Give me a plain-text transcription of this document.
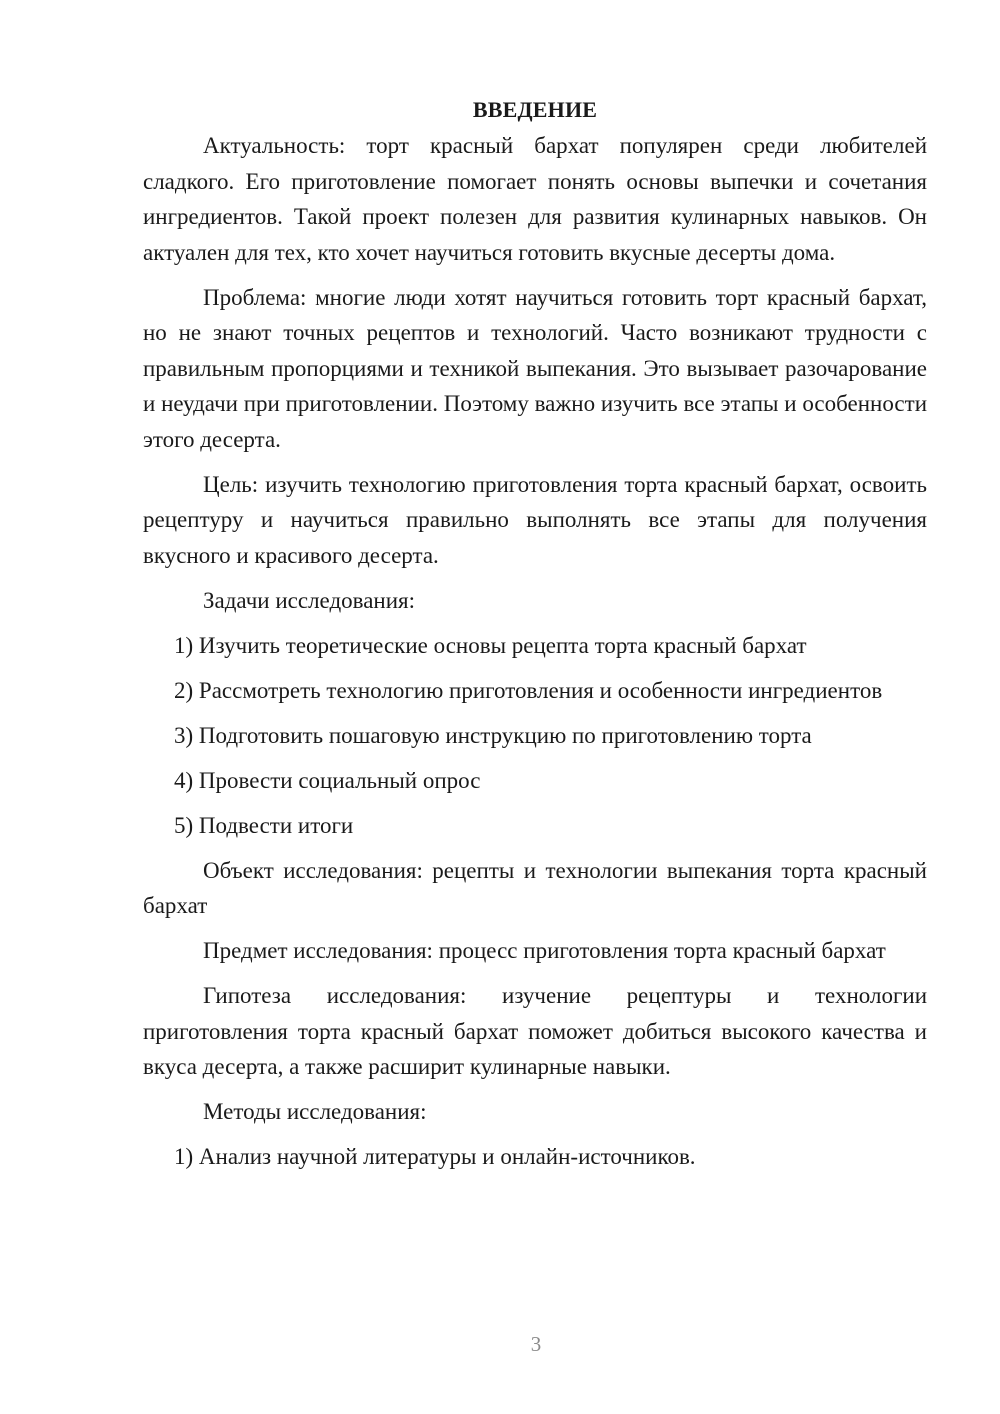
ВВЕДЕНИЕ

Актуальность: торт красный бархат популярен среди любителей сладкого. Его приготовление помогает понять основы выпечки и сочетания ингредиентов. Такой проект полезен для развития кулинарных навыков. Он актуален для тех, кто хочет научиться готовить вкусные десерты дома.

Проблема: многие люди хотят научиться готовить торт красный бархат, но не знают точных рецептов и технологий. Часто возникают трудности с правильным пропорциями и техникой выпекания. Это вызывает разочарование и неудачи при приготовлении. Поэтому важно изучить все этапы и особенности этого десерта.

Цель: изучить технологию приготовления торта красный бархат, освоить рецептуру и научиться правильно выполнять все этапы для получения вкусного и красивого десерта.

Задачи исследования:

1) Изучить теоретические основы рецепта торта красный бархат

2) Рассмотреть технологию приготовления и особенности ингредиентов

3) Подготовить пошаговую инструкцию по приготовлению торта

4) Провести социальный опрос

5) Подвести итоги

Объект исследования: рецепты и технологии выпекания торта красный бархат

Предмет исследования: процесс приготовления торта красный бархат

Гипотеза исследования: изучение рецептуры и технологии приготовления торта красный бархат поможет добиться высокого качества и вкуса десерта, а также расширит кулинарные навыки.

Методы исследования:

1) Анализ научной литературы и онлайн-источников.

3
